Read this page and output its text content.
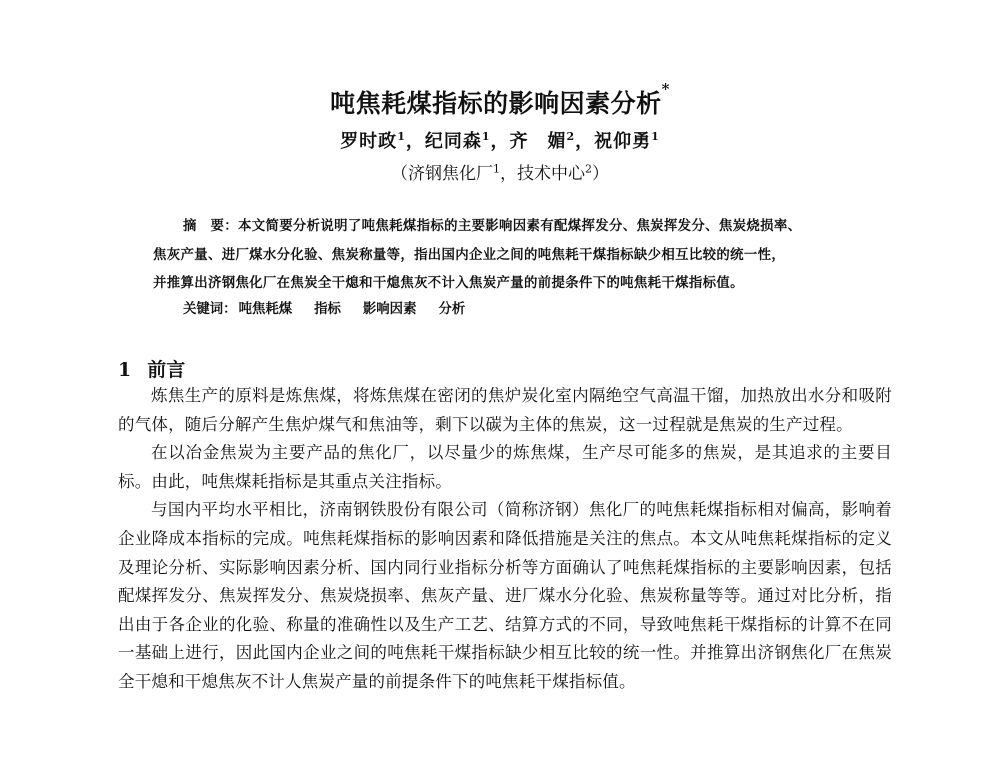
吨焦耗煤指标的影响因素分析*
罗时政$^1$，纪同森$^1$，齐　媚$^2$，祝仰勇$^1$
（济钢焦化厂$^1$，技术中心$^2$）
摘　要：本文简要分析说明了吨焦耗煤指标的主要影响因素有配煤挥发分、焦炭挥发分、焦炭烧损率、
焦灰产量、进厂煤水分化验、焦炭称量等，指出国内企业之间的吨焦耗干煤指标缺少相互比较的统一性，
并推算出济钢焦化厂在焦炭全干熄和干熄焦灰不计入焦炭产量的前提条件下的吨焦耗干煤指标值。
关键词： 吨焦耗煤 指标 影响因素 分析
1 前言

炼焦生产的原料是炼焦煤，将炼焦煤在密闭的焦炉炭化室内隔绝空气高温干馏，加热放出水分和吸附的气体，随后分解产生焦炉煤气和焦油等，剩下以碳为主体的焦炭，这一过程就是焦炭的生产过程。

在以冶金焦炭为主要产品的焦化厂，以尽量少的炼焦煤，生产尽可能多的焦炭，是其追求的主要目标。由此，吨焦煤耗指标是其重点关注指标。

与国内平均水平相比，济南钢铁股份有限公司（简称济钢）焦化厂的吨焦耗煤指标相对偏高，影响着企业降成本指标的完成。吨焦耗煤指标的影响因素和降低措施是关注的焦点。本文从吨焦耗煤指标的定义及理论分析、实际影响因素分析、国内同行业指标分析等方面确认了吨焦耗煤指标的主要影响因素，包括配煤挥发分、焦炭挥发分、焦炭烧损率、焦灰产量、进厂煤水分化验、焦炭称量等等。通过对比分析，指出由于各企业的化验、称量的准确性以及生产工艺、结算方式的不同，导致吨焦耗干煤指标的计算不在同一基础上进行，因此国内企业之间的吨焦耗干煤指标缺少相互比较的统一性。并推算出济钢焦化厂在焦炭全干熄和干熄焦灰不计人焦炭产量的前提条件下的吨焦耗干煤指标值。
